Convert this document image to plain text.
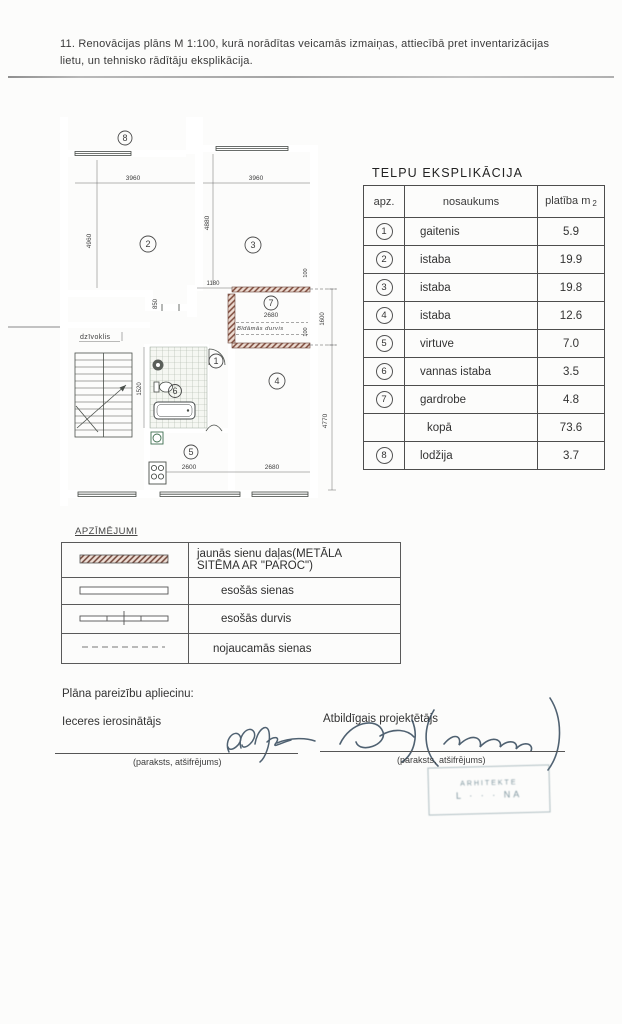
11. Renovācijas plāns M 1:100, kurā norādītas veicamās izmaiņas, attiecībā pret inventarizācijas
lietu, un tehnisko rādītāju eksplikācija.
8
2	3
4
5
6
7
1
3960	3960
4960
4880
1180
850
100
2680	1600
100
4770
1520
2600	2680
dzīvoklis
Bīdāmās durvis
TELPU EKSPLIKĀCIJA
apz.	nosaukums	platība m 2
1	gaitenis	5.9
2	istaba	19.9
3	istaba	19.8
4	istaba	12.6
5	virtuve	7.0
6	vannas istaba	3.5
7	gardrobe	4.8
	kopā	73.6
8	lodžija	3.7
APZĪMĒJUMI

jaunās sienu daļas(METĀLA
SITĒMA AR "PAROC")

	esošās sienas
	esošās durvis
	nojaucamās sienas
Plāna pareizību apliecinu:
Ieceres ierosinātājs	Atbildīgais projektētājs
(paraksts, atšifrējums)	(paraksts, atšifrējums)
ARHITEKTE
L · · · NA
